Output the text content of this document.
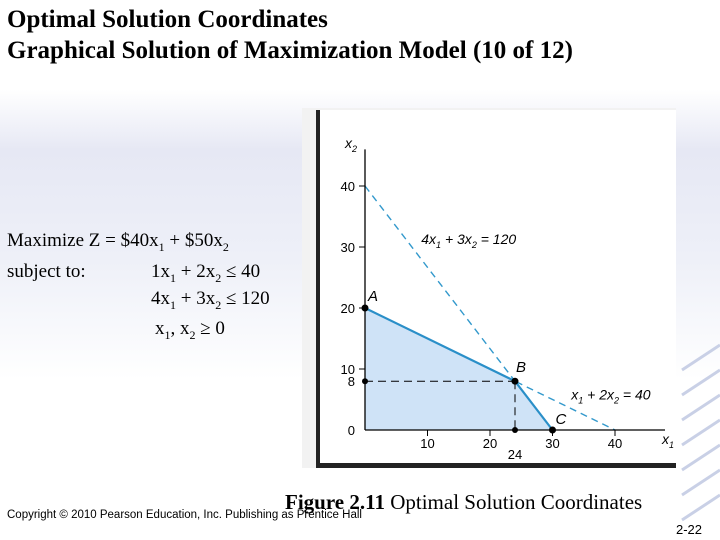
Optimal Solution Coordinates
Graphical Solution of Maximization Model (10 of 12)
Maximize $Z = \$40x_1$ + $\$50x_2$
subject to:	$1x_1 + 2x_2 \le 40$
$4x_1 + 3x_2 \le 120$
$x_1$, $x_2 \ge 0$
0
10
20
30
40
8
10	20	30	40
24
$x_2$
$x_1$
$4x_1 + 3x_2 = 120$
$x_1 + 2x_2 = 40$
A
B
C
Figure 2.11 Optimal Solution Coordinates
Copyright © 2010 Pearson Education, Inc. Publishing as Prentice Hall
2-22
